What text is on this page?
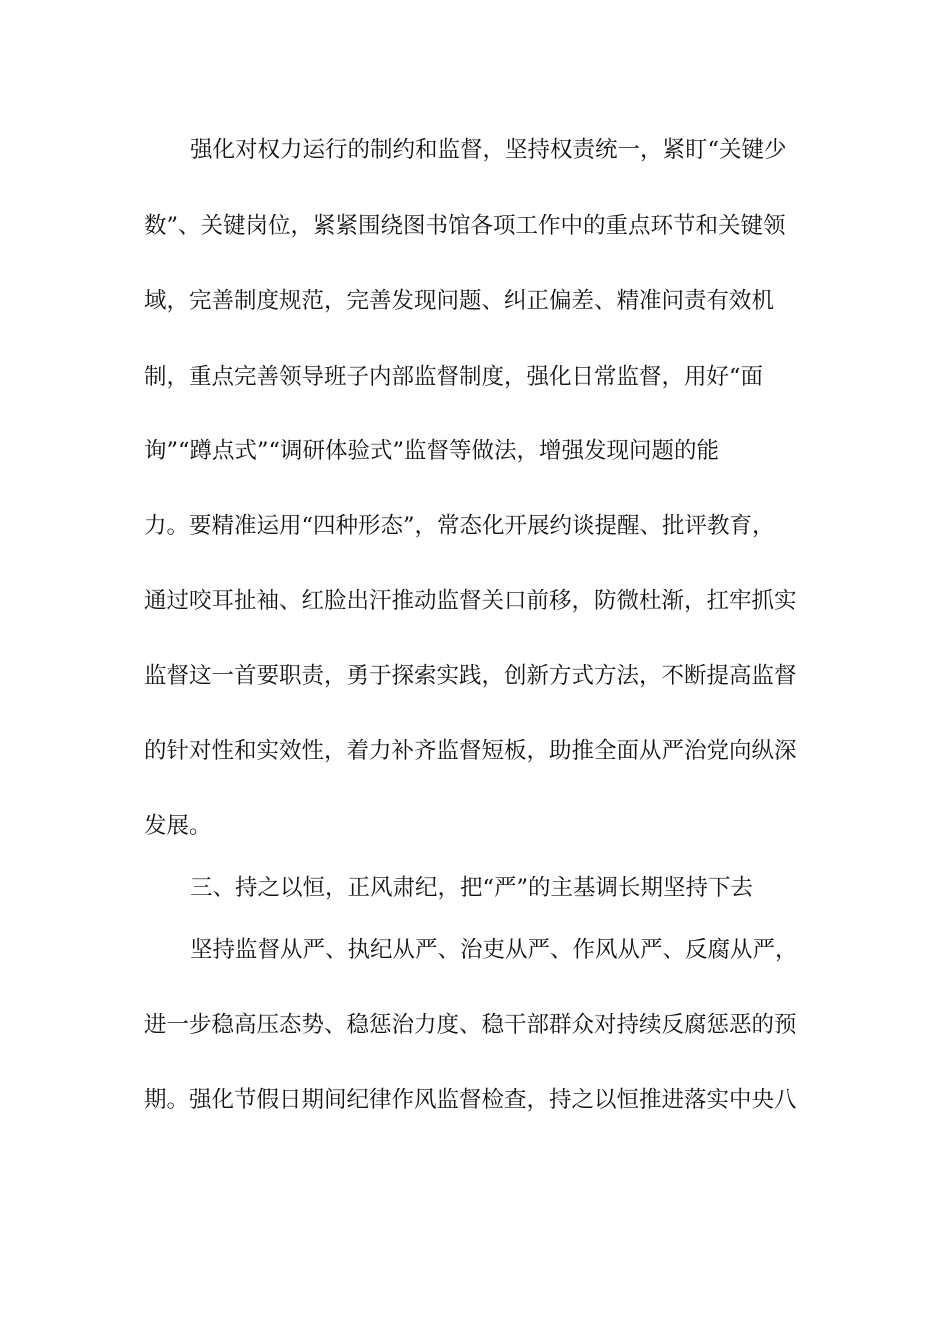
强化对权力运行的制约和监督，坚持权责统一，紧盯“关键少
数”、关键岗位，紧紧围绕图书馆各项工作中的重点环节和关键领
域，完善制度规范，完善发现问题、纠正偏差、精准问责有效机
制，重点完善领导班子内部监督制度，强化日常监督，用好“面
询”“蹲点式”“调研体验式”监督等做法，增强发现问题的能
力。要精准运用“四种形态”，常态化开展约谈提醒、批评教育，
通过咬耳扯袖、红脸出汗推动监督关口前移，防微杜渐，扛牢抓实
监督这一首要职责，勇于探索实践，创新方式方法，不断提高监督
的针对性和实效性，着力补齐监督短板，助推全面从严治党向纵深
发展。
三、持之以恒，正风肃纪，把“严”的主基调长期坚持下去
坚持监督从严、执纪从严、治吏从严、作风从严、反腐从严，
进一步稳高压态势、稳惩治力度、稳干部群众对持续反腐惩恶的预
期。强化节假日期间纪律作风监督检查，持之以恒推进落实中央八
